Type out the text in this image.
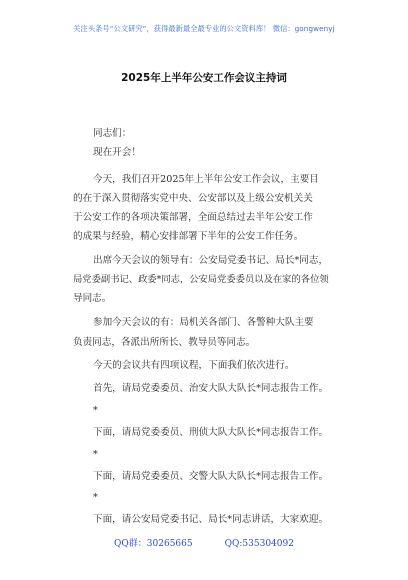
关注头条号“公文研究”，获得最新最全最专业的公文资料库！ 微信：gongwenyj
2025年上半年公安工作会议主持词
同志们：
现在开会！
今天，我们召开2025年上半年公安工作会议，主要目
的在于深入贯彻落实党中央、公安部以及上级公安机关关
于公安工作的各项决策部署，全面总结过去半年公安工作
的成果与经验，精心安排部署下半年的公安工作任务。
出席今天会议的领导有：公安局党委书记、局长*同志，
局党委副书记、政委*同志，公安局党委委员以及在家的各位领
导同志。
参加今天会议的有：局机关各部门、各警种大队主要
负责同志，各派出所所长、教导员等同志。
今天的会议共有四项议程，下面我们依次进行。
首先，请局党委委员、治安大队大队长*同志报告工作。
*
下面，请局党委委员、刑侦大队大队长*同志报告工作。
*
下面，请局党委委员、交警大队大队长*同志报告工作。
*
下面，请公安局党委书记、局长*同志讲话，大家欢迎。
QQ群：30265665	QQ:535304092
